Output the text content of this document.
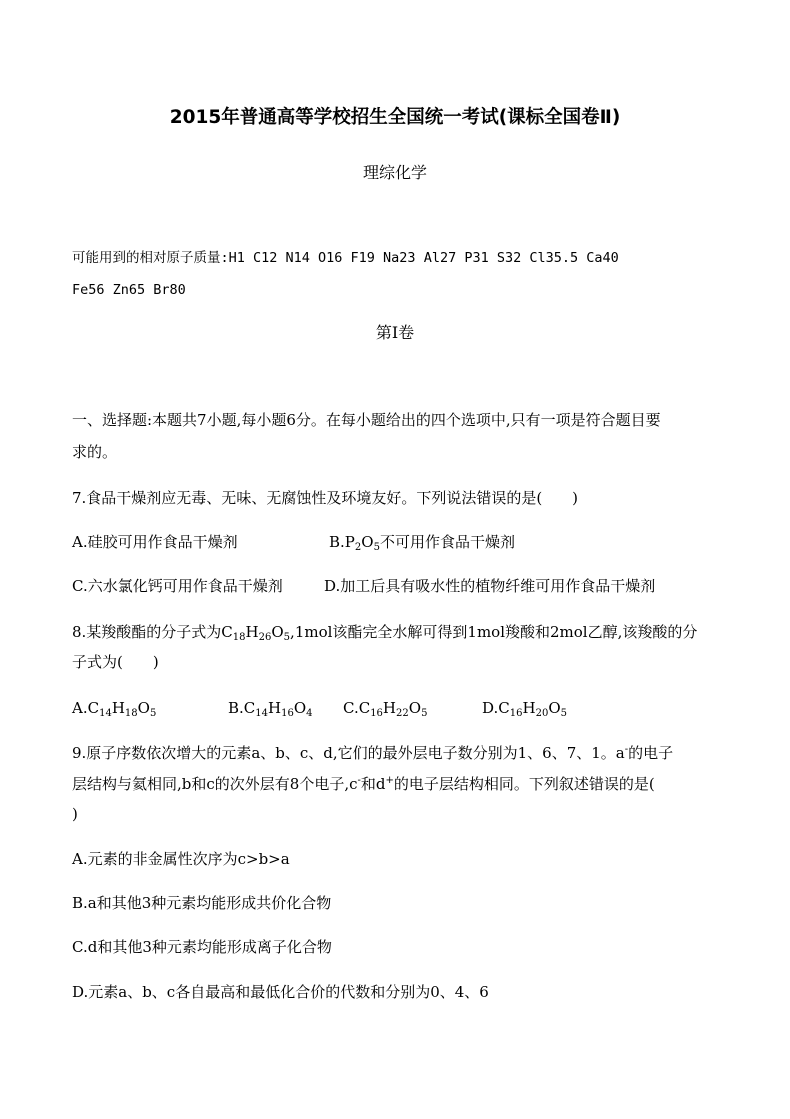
2015年普通高等学校招生全国统一考试(课标全国卷Ⅱ)
理综化学
可能用到的相对原子质量:H1 C12 N14 O16 F19 Na23 Al27 P31 S32 Cl35.5 Ca40
Fe56 Zn65 Br80
第Ⅰ卷
一、选择题:本题共7小题,每小题6分。在每小题给出的四个选项中,只有一项是符合题目要
求的。
7.食品干燥剂应无毒、无味、无腐蚀性及环境友好。下列说法错误的是(　　)
A.硅胶可用作食品干燥剂	$B.P_2O_5$不可用作食品干燥剂
C.六水氯化钙可用作食品干燥剂	D.加工后具有吸水性的植物纤维可用作食品干燥剂
8.某羧酸酯的分子式为$C_{18}H_{26}O_5,1mol$该酯完全水解可得到1mol羧酸和2mol乙醇,该羧酸的分
子式为(　　)
$A.C_{14}H_{18}O_5$	$B.C_{14}H_{16}O_4$ $C.C_{16}H_{22}O_5$	$D.C_{16}H_{20}O_5$
9.原子序数依次增大的元素a、b、c、d,它们的最外层电子数分别为1、6、7、1。a-的电子
层结构与氦相同,b和c的次外层有8个电子,c-和d+的电子层结构相同。下列叙述错误的是(
)
A.元素的非金属性次序为c>b>a
B.a和其他3种元素均能形成共价化合物
C.d和其他3种元素均能形成离子化合物
D.元素a、b、c各自最高和最低化合价的代数和分别为0、4、6
